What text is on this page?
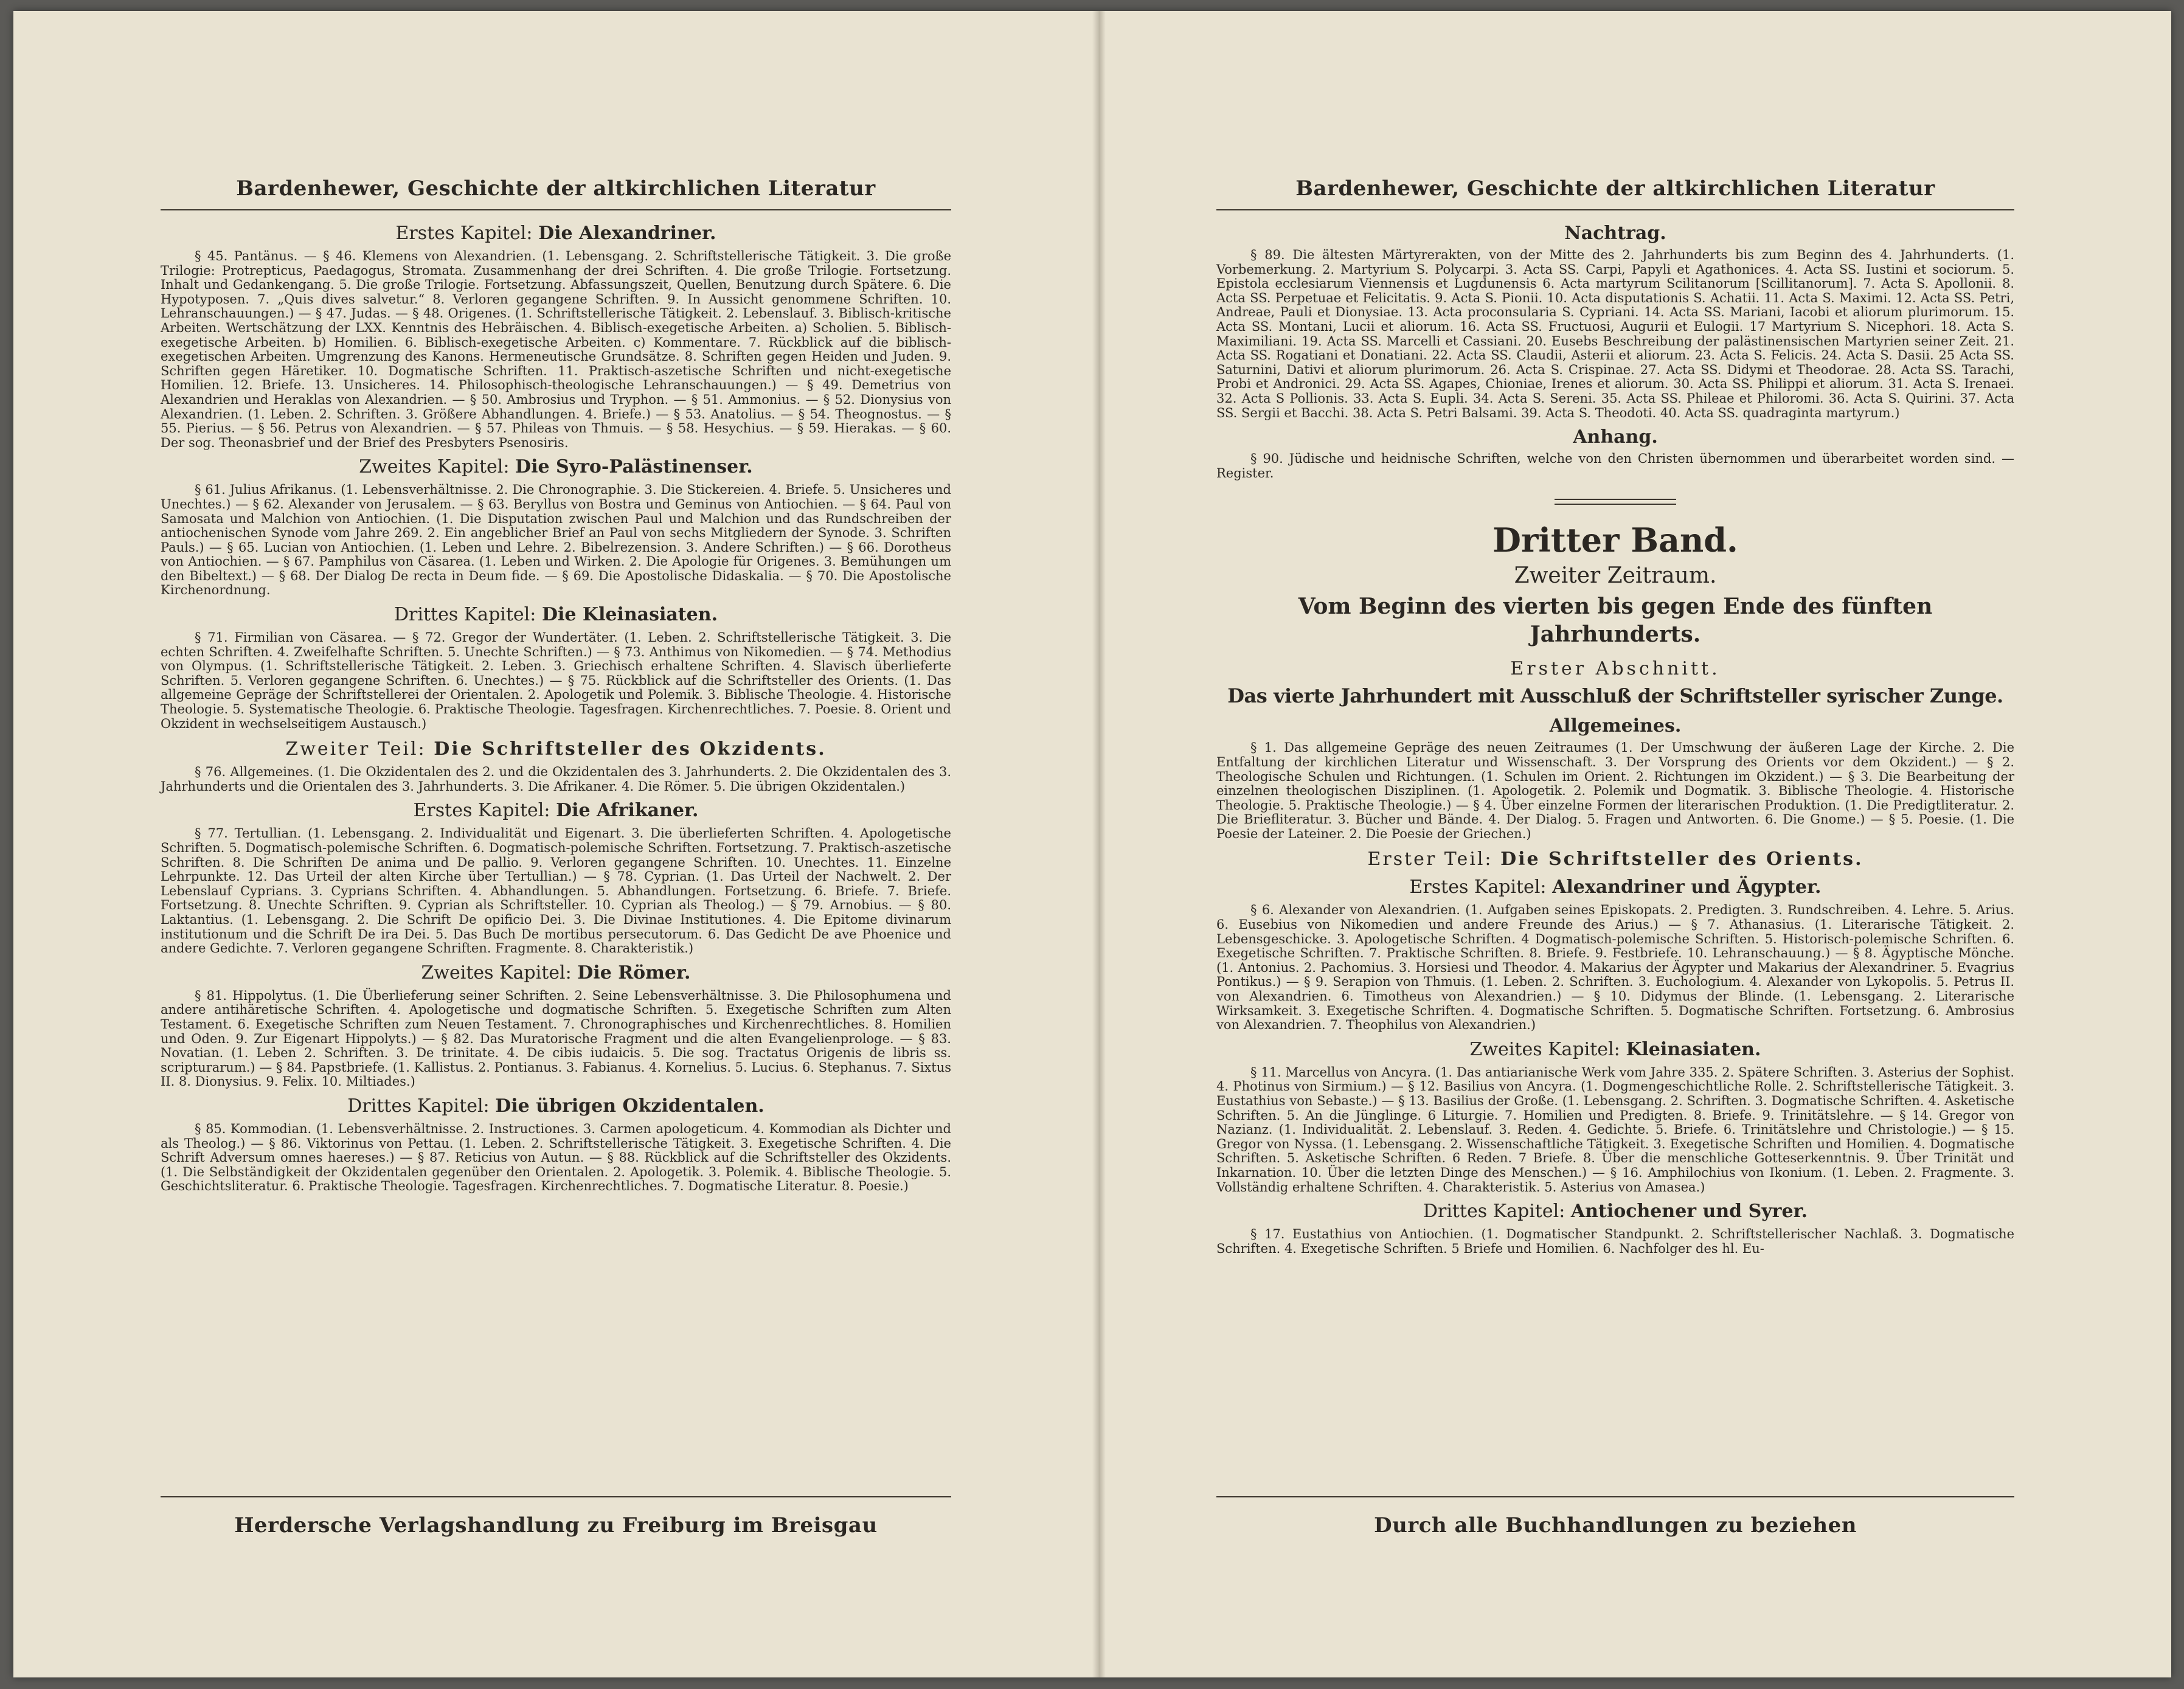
Bardenhewer, Geschichte der altkirchlichen Literatur
Erstes Kapitel: Die Alexandriner.

§ 45. Pantänus. — § 46. Klemens von Alexandrien. (1. Lebensgang. 2. Schriftstellerische Tätigkeit. 3. Die große Trilogie: Protrepticus, Paedagogus, Stromata. Zusammenhang der drei Schriften. 4. Die große Trilogie. Fortsetzung. Inhalt und Gedankengang. 5. Die große Trilogie. Fortsetzung. Abfassungszeit, Quellen, Benutzung durch Spätere. 6. Die Hypotyposen. 7. „Quis dives salvetur.“ 8. Verloren gegangene Schriften. 9. In Aussicht genommene Schriften. 10. Lehranschauungen.) — § 47. Judas. — § 48. Origenes. (1. Schriftstellerische Tätigkeit. 2. Lebenslauf. 3. Biblisch-kritische Arbeiten. Wertschätzung der LXX. Kenntnis des Hebräischen. 4. Biblisch-exegetische Arbeiten. a) Scholien. 5. Biblisch-exegetische Arbeiten. b) Homilien. 6. Biblisch-exegetische Arbeiten. c) Kommentare. 7. Rückblick auf die biblisch-exegetischen Arbeiten. Umgrenzung des Kanons. Hermeneutische Grundsätze. 8. Schriften gegen Heiden und Juden. 9. Schriften gegen Häretiker. 10. Dogmatische Schriften. 11. Praktisch-aszetische Schriften und nicht-exegetische Homilien. 12. Briefe. 13. Unsicheres. 14. Philosophisch-theologische Lehranschauungen.) — § 49. Demetrius von Alexandrien und Heraklas von Alexandrien. — § 50. Ambrosius und Tryphon. — § 51. Ammonius. — § 52. Dionysius von Alexandrien. (1. Leben. 2. Schriften. 3. Größere Abhandlungen. 4. Briefe.) — § 53. Anatolius. — § 54. Theognostus. — § 55. Pierius. — § 56. Petrus von Alexandrien. — § 57. Phileas von Thmuis. — § 58. Hesychius. — § 59. Hierakas. — § 60. Der sog. Theonasbrief und der Brief des Presbyters Psenosiris.

Zweites Kapitel: Die Syro-Palästinenser.

§ 61. Julius Afrikanus. (1. Lebensverhältnisse. 2. Die Chronographie. 3. Die Stickereien. 4. Briefe. 5. Unsicheres und Unechtes.) — § 62. Alexander von Jerusalem. — § 63. Beryllus von Bostra und Geminus von Antiochien. — § 64. Paul von Samosata und Malchion von Antiochien. (1. Die Disputation zwischen Paul und Malchion und das Rundschreiben der antiochenischen Synode vom Jahre 269. 2. Ein angeblicher Brief an Paul von sechs Mitgliedern der Synode. 3. Schriften Pauls.) — § 65. Lucian von Antiochien. (1. Leben und Lehre. 2. Bibelrezension. 3. Andere Schriften.) — § 66. Dorotheus von Antiochien. — § 67. Pamphilus von Cäsarea. (1. Leben und Wirken. 2. Die Apologie für Origenes. 3. Bemühungen um den Bibeltext.) — § 68. Der Dialog De recta in Deum fide. — § 69. Die Apostolische Didaskalia. — § 70. Die Apostolische Kirchenordnung.

Drittes Kapitel: Die Kleinasiaten.

§ 71. Firmilian von Cäsarea. — § 72. Gregor der Wundertäter. (1. Leben. 2. Schriftstellerische Tätigkeit. 3. Die echten Schriften. 4. Zweifelhafte Schriften. 5. Unechte Schriften.) — § 73. Anthimus von Nikomedien. — § 74. Methodius von Olympus. (1. Schriftstellerische Tätigkeit. 2. Leben. 3. Griechisch erhaltene Schriften. 4. Slavisch überlieferte Schriften. 5. Verloren gegangene Schriften. 6. Unechtes.) — § 75. Rückblick auf die Schriftsteller des Orients. (1. Das allgemeine Gepräge der Schriftstellerei der Orientalen. 2. Apologetik und Polemik. 3. Biblische Theologie. 4. Historische Theologie. 5. Systematische Theologie. 6. Praktische Theologie. Tagesfragen. Kirchenrechtliches. 7. Poesie. 8. Orient und Okzident in wechselseitigem Austausch.)

Zweiter Teil: Die Schriftsteller des Okzidents.

§ 76. Allgemeines. (1. Die Okzidentalen des 2. und die Okzidentalen des 3. Jahrhunderts. 2. Die Okzidentalen des 3. Jahrhunderts und die Orientalen des 3. Jahrhunderts. 3. Die Afrikaner. 4. Die Römer. 5. Die übrigen Okzidentalen.)

Erstes Kapitel: Die Afrikaner.

§ 77. Tertullian. (1. Lebensgang. 2. Individualität und Eigenart. 3. Die überlieferten Schriften. 4. Apologetische Schriften. 5. Dogmatisch-polemische Schriften. 6. Dogmatisch-polemische Schriften. Fortsetzung. 7. Praktisch-aszetische Schriften. 8. Die Schriften De anima und De pallio. 9. Verloren gegangene Schriften. 10. Unechtes. 11. Einzelne Lehrpunkte. 12. Das Urteil der alten Kirche über Tertullian.) — § 78. Cyprian. (1. Das Urteil der Nachwelt. 2. Der Lebenslauf Cyprians. 3. Cyprians Schriften. 4. Abhandlungen. 5. Abhandlungen. Fortsetzung. 6. Briefe. 7. Briefe. Fortsetzung. 8. Unechte Schriften. 9. Cyprian als Schriftsteller. 10. Cyprian als Theolog.) — § 79. Arnobius. — § 80. Laktantius. (1. Lebensgang. 2. Die Schrift De opificio Dei. 3. Die Divinae Institutiones. 4. Die Epitome divinarum institutionum und die Schrift De ira Dei. 5. Das Buch De mortibus persecutorum. 6. Das Gedicht De ave Phoenice und andere Gedichte. 7. Verloren gegangene Schriften. Fragmente. 8. Charakteristik.)

Zweites Kapitel: Die Römer.

§ 81. Hippolytus. (1. Die Überlieferung seiner Schriften. 2. Seine Lebensverhältnisse. 3. Die Philosophumena und andere antihäretische Schriften. 4. Apologetische und dogmatische Schriften. 5. Exegetische Schriften zum Alten Testament. 6. Exegetische Schriften zum Neuen Testament. 7. Chronographisches und Kirchenrechtliches. 8. Homilien und Oden. 9. Zur Eigenart Hippolyts.) — § 82. Das Muratorische Fragment und die alten Evangelienprologe. — § 83. Novatian. (1. Leben 2. Schriften. 3. De trinitate. 4. De cibis iudaicis. 5. Die sog. Tractatus Origenis de libris ss. scripturarum.) — § 84. Papstbriefe. (1. Kallistus. 2. Pontianus. 3. Fabianus. 4. Kornelius. 5. Lucius. 6. Stephanus. 7. Sixtus II. 8. Dionysius. 9. Felix. 10. Miltiades.)

Drittes Kapitel: Die übrigen Okzidentalen.

§ 85. Kommodian. (1. Lebensverhältnisse. 2. Instructiones. 3. Carmen apologeticum. 4. Kommodian als Dichter und als Theolog.) — § 86. Viktorinus von Pettau. (1. Leben. 2. Schriftstellerische Tätigkeit. 3. Exegetische Schriften. 4. Die Schrift Adversum omnes haereses.) — § 87. Reticius von Autun. — § 88. Rückblick auf die Schriftsteller des Okzidents. (1. Die Selbständigkeit der Okzidentalen gegenüber den Orientalen. 2. Apologetik. 3. Polemik. 4. Biblische Theologie. 5. Geschichtsliteratur. 6. Praktische Theologie. Tagesfragen. Kirchenrechtliches. 7. Dogmatische Literatur. 8. Poesie.)

Herdersche Verlagshandlung zu Freiburg im Breisgau
Bardenhewer, Geschichte der altkirchlichen Literatur
Nachtrag.

§ 89. Die ältesten Märtyrerakten, von der Mitte des 2. Jahrhunderts bis zum Beginn des 4. Jahrhunderts. (1. Vorbemerkung. 2. Martyrium S. Polycarpi. 3. Acta SS. Carpi, Papyli et Agathonices. 4. Acta SS. Iustini et sociorum. 5. Epistola ecclesiarum Viennensis et Lugdunensis 6. Acta martyrum Scilitanorum [Scillitanorum]. 7. Acta S. Apollonii. 8. Acta SS. Perpetuae et Felicitatis. 9. Acta S. Pionii. 10. Acta disputationis S. Achatii. 11. Acta S. Maximi. 12. Acta SS. Petri, Andreae, Pauli et Dionysiae. 13. Acta proconsularia S. Cypriani. 14. Acta SS. Mariani, Iacobi et aliorum plurimorum. 15. Acta SS. Montani, Lucii et aliorum. 16. Acta SS. Fructuosi, Augurii et Eulogii. 17 Martyrium S. Nicephori. 18. Acta S. Maximiliani. 19. Acta SS. Marcelli et Cassiani. 20. Eusebs Beschreibung der palästinensischen Martyrien seiner Zeit. 21. Acta SS. Rogatiani et Donatiani. 22. Acta SS. Claudii, Asterii et aliorum. 23. Acta S. Felicis. 24. Acta S. Dasii. 25 Acta SS. Saturnini, Dativi et aliorum plurimorum. 26. Acta S. Crispinae. 27. Acta SS. Didymi et Theodorae. 28. Acta SS. Tarachi, Probi et Andronici. 29. Acta SS. Agapes, Chioniae, Irenes et aliorum. 30. Acta SS. Philippi et aliorum. 31. Acta S. Irenaei. 32. Acta S Pollionis. 33. Acta S. Eupli. 34. Acta S. Sereni. 35. Acta SS. Phileae et Philoromi. 36. Acta S. Quirini. 37. Acta SS. Sergii et Bacchi. 38. Acta S. Petri Balsami. 39. Acta S. Theodoti. 40. Acta SS. quadraginta martyrum.)

Anhang.

§ 90. Jüdische und heidnische Schriften, welche von den Christen übernommen und überarbeitet worden sind. — Register.

Dritter Band.
Zweiter Zeitraum.
Vom Beginn des vierten bis gegen Ende des fünften Jahrhunderts.
Erster Abschnitt.
Das vierte Jahrhundert mit Ausschluß der Schriftsteller syrischer Zunge.
Allgemeines.

§ 1. Das allgemeine Gepräge des neuen Zeitraumes (1. Der Umschwung der äußeren Lage der Kirche. 2. Die Entfaltung der kirchlichen Literatur und Wissenschaft. 3. Der Vorsprung des Orients vor dem Okzident.) — § 2. Theologische Schulen und Richtungen. (1. Schulen im Orient. 2. Richtungen im Okzident.) — § 3. Die Bearbeitung der einzelnen theologischen Disziplinen. (1. Apologetik. 2. Polemik und Dogmatik. 3. Biblische Theologie. 4. Historische Theologie. 5. Praktische Theologie.) — § 4. Über einzelne Formen der literarischen Produktion. (1. Die Predigtliteratur. 2. Die Briefliteratur. 3. Bücher und Bände. 4. Der Dialog. 5. Fragen und Antworten. 6. Die Gnome.) — § 5. Poesie. (1. Die Poesie der Lateiner. 2. Die Poesie der Griechen.)

Erster Teil: Die Schriftsteller des Orients.
Erstes Kapitel: Alexandriner und Ägypter.

§ 6. Alexander von Alexandrien. (1. Aufgaben seines Episkopats. 2. Predigten. 3. Rundschreiben. 4. Lehre. 5. Arius. 6. Eusebius von Nikomedien und andere Freunde des Arius.) — § 7. Athanasius. (1. Literarische Tätigkeit. 2. Lebensgeschicke. 3. Apologetische Schriften. 4 Dogmatisch-polemische Schriften. 5. Historisch-polemische Schriften. 6. Exegetische Schriften. 7. Praktische Schriften. 8. Briefe. 9. Festbriefe. 10. Lehranschauung.) — § 8. Ägyptische Mönche. (1. Antonius. 2. Pachomius. 3. Horsiesi und Theodor. 4. Makarius der Ägypter und Makarius der Alexandriner. 5. Evagrius Pontikus.) — § 9. Serapion von Thmuis. (1. Leben. 2. Schriften. 3. Euchologium. 4. Alexander von Lykopolis. 5. Petrus II. von Alexandrien. 6. Timotheus von Alexandrien.) — § 10. Didymus der Blinde. (1. Lebensgang. 2. Literarische Wirksamkeit. 3. Exegetische Schriften. 4. Dogmatische Schriften. 5. Dogmatische Schriften. Fortsetzung. 6. Ambrosius von Alexandrien. 7. Theophilus von Alexandrien.)

Zweites Kapitel: Kleinasiaten.

§ 11. Marcellus von Ancyra. (1. Das antiarianische Werk vom Jahre 335. 2. Spätere Schriften. 3. Asterius der Sophist. 4. Photinus von Sirmium.) — § 12. Basilius von Ancyra. (1. Dogmengeschichtliche Rolle. 2. Schriftstellerische Tätigkeit. 3. Eustathius von Sebaste.) — § 13. Basilius der Große. (1. Lebensgang. 2. Schriften. 3. Dogmatische Schriften. 4. Asketische Schriften. 5. An die Jünglinge. 6 Liturgie. 7. Homilien und Predigten. 8. Briefe. 9. Trinitätslehre. — § 14. Gregor von Nazianz. (1. Individualität. 2. Lebenslauf. 3. Reden. 4. Gedichte. 5. Briefe. 6. Trinitätslehre und Christologie.) — § 15. Gregor von Nyssa. (1. Lebensgang. 2. Wissenschaftliche Tätigkeit. 3. Exegetische Schriften und Homilien. 4. Dogmatische Schriften. 5. Asketische Schriften. 6 Reden. 7 Briefe. 8. Über die menschliche Gotteserkenntnis. 9. Über Trinität und Inkarnation. 10. Über die letzten Dinge des Menschen.) — § 16. Amphilochius von Ikonium. (1. Leben. 2. Fragmente. 3. Vollständig erhaltene Schriften. 4. Charakteristik. 5. Asterius von Amasea.)

Drittes Kapitel: Antiochener und Syrer.

§ 17. Eustathius von Antiochien. (1. Dogmatischer Standpunkt. 2. Schriftstellerischer Nachlaß. 3. Dogmatische Schriften. 4. Exegetische Schriften. 5 Briefe und Homilien. 6. Nachfolger des hl. Eu-

Durch alle Buchhandlungen zu beziehen
